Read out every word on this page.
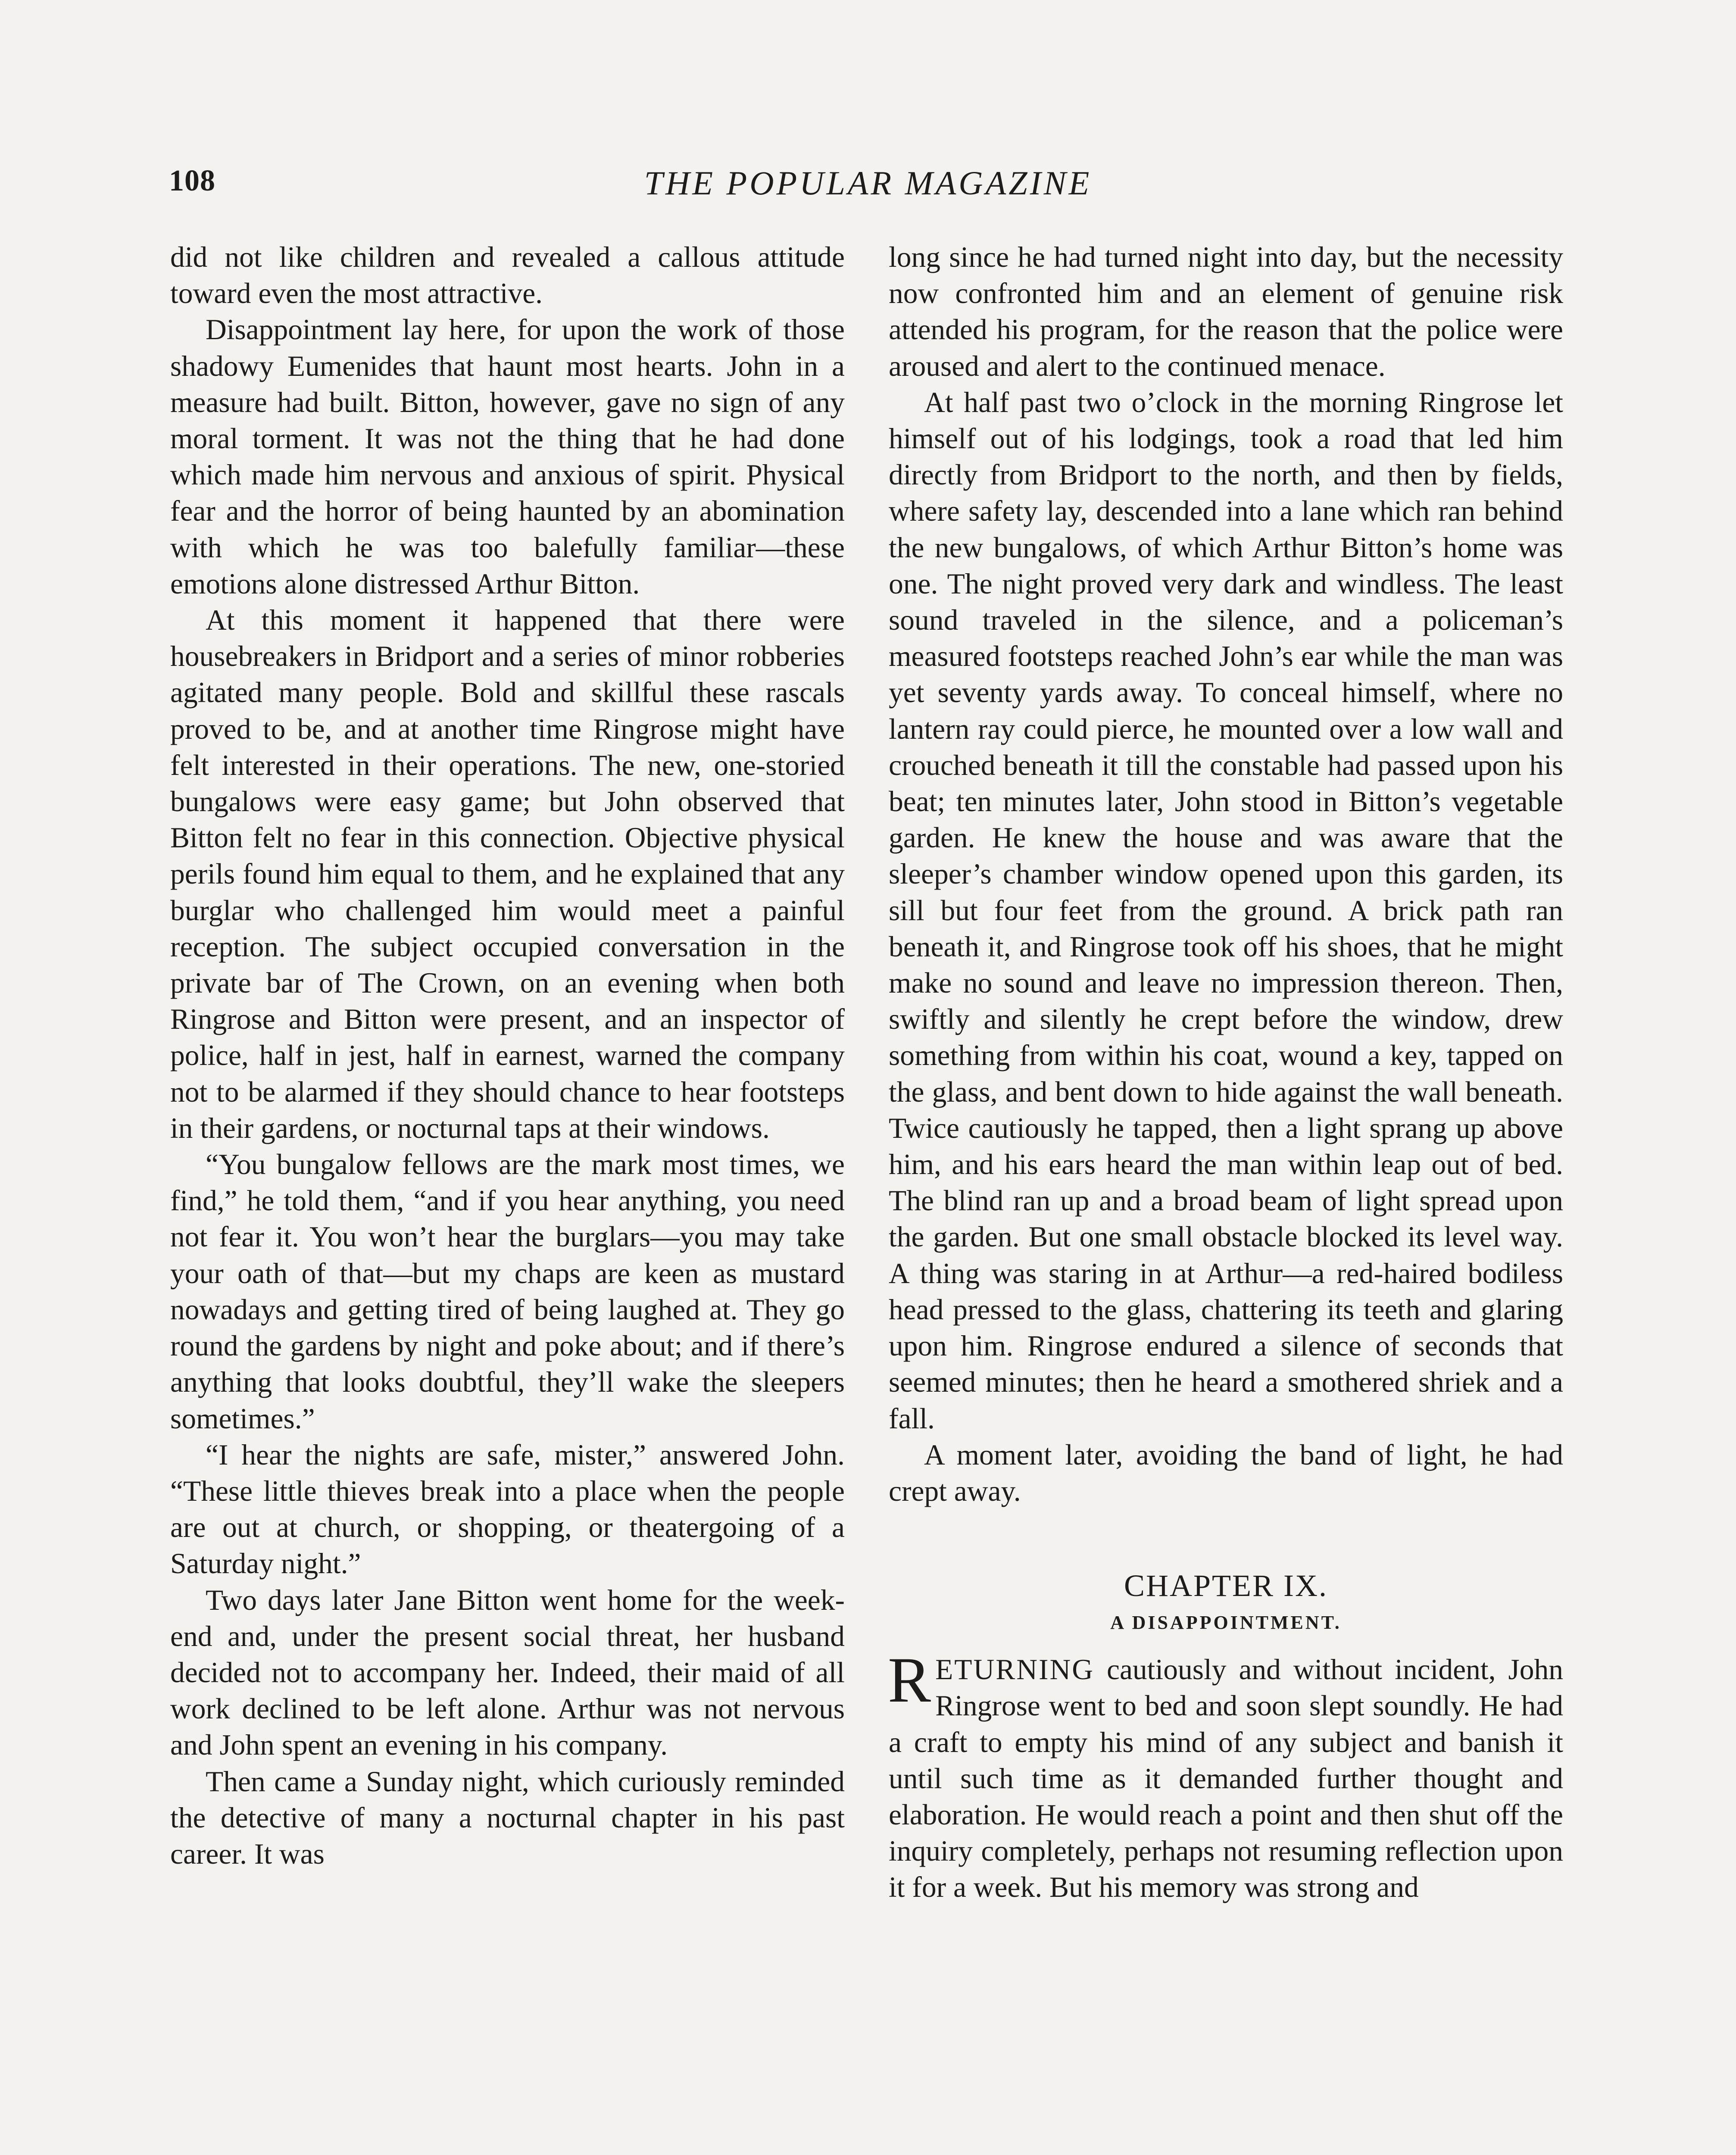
108	THE POPULAR MAGAZINE

did not like children and revealed a callous attitude toward even the most attractive.

Disappointment lay here, for upon the work of those shadowy Eumenides that haunt most hearts. John in a measure had built. Bitton, however, gave no sign of any moral torment. It was not the thing that he had done which made him nervous and anxious of spirit. Physical fear and the horror of being haunted by an abomination with which he was too balefully familiar—these emotions alone distressed Arthur Bitton.

At this moment it happened that there were housebreakers in Bridport and a series of minor robberies agitated many people. Bold and skillful these rascals proved to be, and at another time Ringrose might have felt interested in their operations. The new, one-storied bungalows were easy game; but John observed that Bitton felt no fear in this connection. Objective physical perils found him equal to them, and he explained that any burglar who challenged him would meet a painful reception. The subject occupied conversation in the private bar of The Crown, on an evening when both Ringrose and Bitton were present, and an inspector of police, half in jest, half in earnest, warned the company not to be alarmed if they should chance to hear footsteps in their gardens, or nocturnal taps at their windows.

“You bungalow fellows are the mark most times, we find,” he told them, “and if you hear anything, you need not fear it. You won’t hear the burglars—you may take your oath of that—but my chaps are keen as mustard nowadays and getting tired of being laughed at. They go round the gardens by night and poke about; and if there’s anything that looks doubtful, they’ll wake the sleepers sometimes.”

“I hear the nights are safe, mister,” answered John. “These little thieves break into a place when the people are out at church, or shopping, or theatergoing of a Saturday night.”

Two days later Jane Bitton went home for the week-end and, under the present social threat, her husband decided not to accompany her. Indeed, their maid of all work declined to be left alone. Arthur was not nervous and John spent an evening in his company.

Then came a Sunday night, which curiously reminded the detective of many a nocturnal chapter in his past career. It was

long since he had turned night into day, but the necessity now confronted him and an element of genuine risk attended his program, for the reason that the police were aroused and alert to the continued menace.

At half past two o’clock in the morning Ringrose let himself out of his lodgings, took a road that led him directly from Bridport to the north, and then by fields, where safety lay, descended into a lane which ran behind the new bungalows, of which Arthur Bitton’s home was one. The night proved very dark and windless. The least sound traveled in the silence, and a policeman’s measured footsteps reached John’s ear while the man was yet seventy yards away. To conceal himself, where no lantern ray could pierce, he mounted over a low wall and crouched beneath it till the constable had passed upon his beat; ten minutes later, John stood in Bitton’s vegetable garden. He knew the house and was aware that the sleeper’s chamber window opened upon this garden, its sill but four feet from the ground. A brick path ran beneath it, and Ringrose took off his shoes, that he might make no sound and leave no impression thereon. Then, swiftly and silently he crept before the window, drew something from within his coat, wound a key, tapped on the glass, and bent down to hide against the wall beneath. Twice cautiously he tapped, then a light sprang up above him, and his ears heard the man within leap out of bed. The blind ran up and a broad beam of light spread upon the garden. But one small obstacle blocked its level way. A thing was staring in at Arthur—a red-haired bodiless head pressed to the glass, chattering its teeth and glaring upon him. Ringrose endured a silence of seconds that seemed minutes; then he heard a smothered shriek and a fall.

A moment later, avoiding the band of light, he had crept away.

CHAPTER IX.
A DISAPPOINTMENT.

RETURNING cautiously and without incident, John Ringrose went to bed and soon slept soundly. He had a craft to empty his mind of any subject and banish it until such time as it demanded further thought and elaboration. He would reach a point and then shut off the inquiry completely, perhaps not resuming reflection upon it for a week. But his memory was strong and
